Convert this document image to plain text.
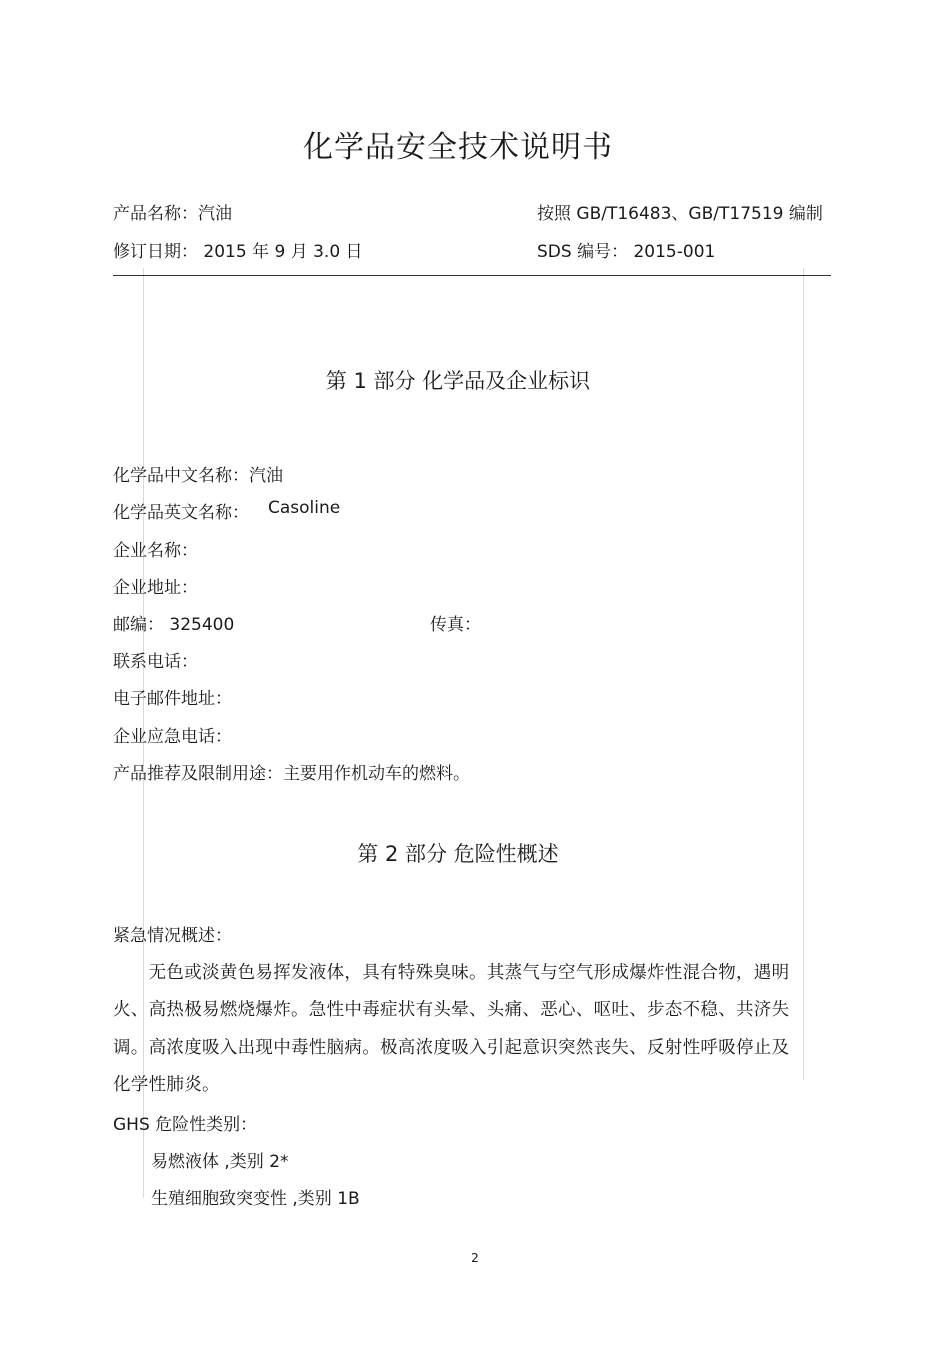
化学品安全技术说明书
产品名称：汽油	按照 GB/T16483、GB/T17519 编制
修订日期： 2015 年 9 月 3.0 日	SDS 编号： 2015-001
第 1 部分 化学品及企业标识
化学品中文名称：汽油
化学品英文名称： Casoline
企业名称：
企业地址：
邮编： 325400	传真：
联系电话：
电子邮件地址：
企业应急电话：
产品推荐及限制用途：主要用作机动车的燃料。
第 2 部分 危险性概述
紧急情况概述：
　　无色或淡黄色易挥发液体，具有特殊臭味。其蒸气与空气形成爆炸性混合物，遇明
火、高热极易燃烧爆炸。急性中毒症状有头晕、头痛、恶心、呕吐、步态不稳、共济失
调。高浓度吸入出现中毒性脑病。极高浓度吸入引起意识突然丧失、反射性呼吸停止及
化学性肺炎。
GHS 危险性类别：
易燃液体 ,类别 2*
生殖细胞致突变性 ,类别 1B
2
